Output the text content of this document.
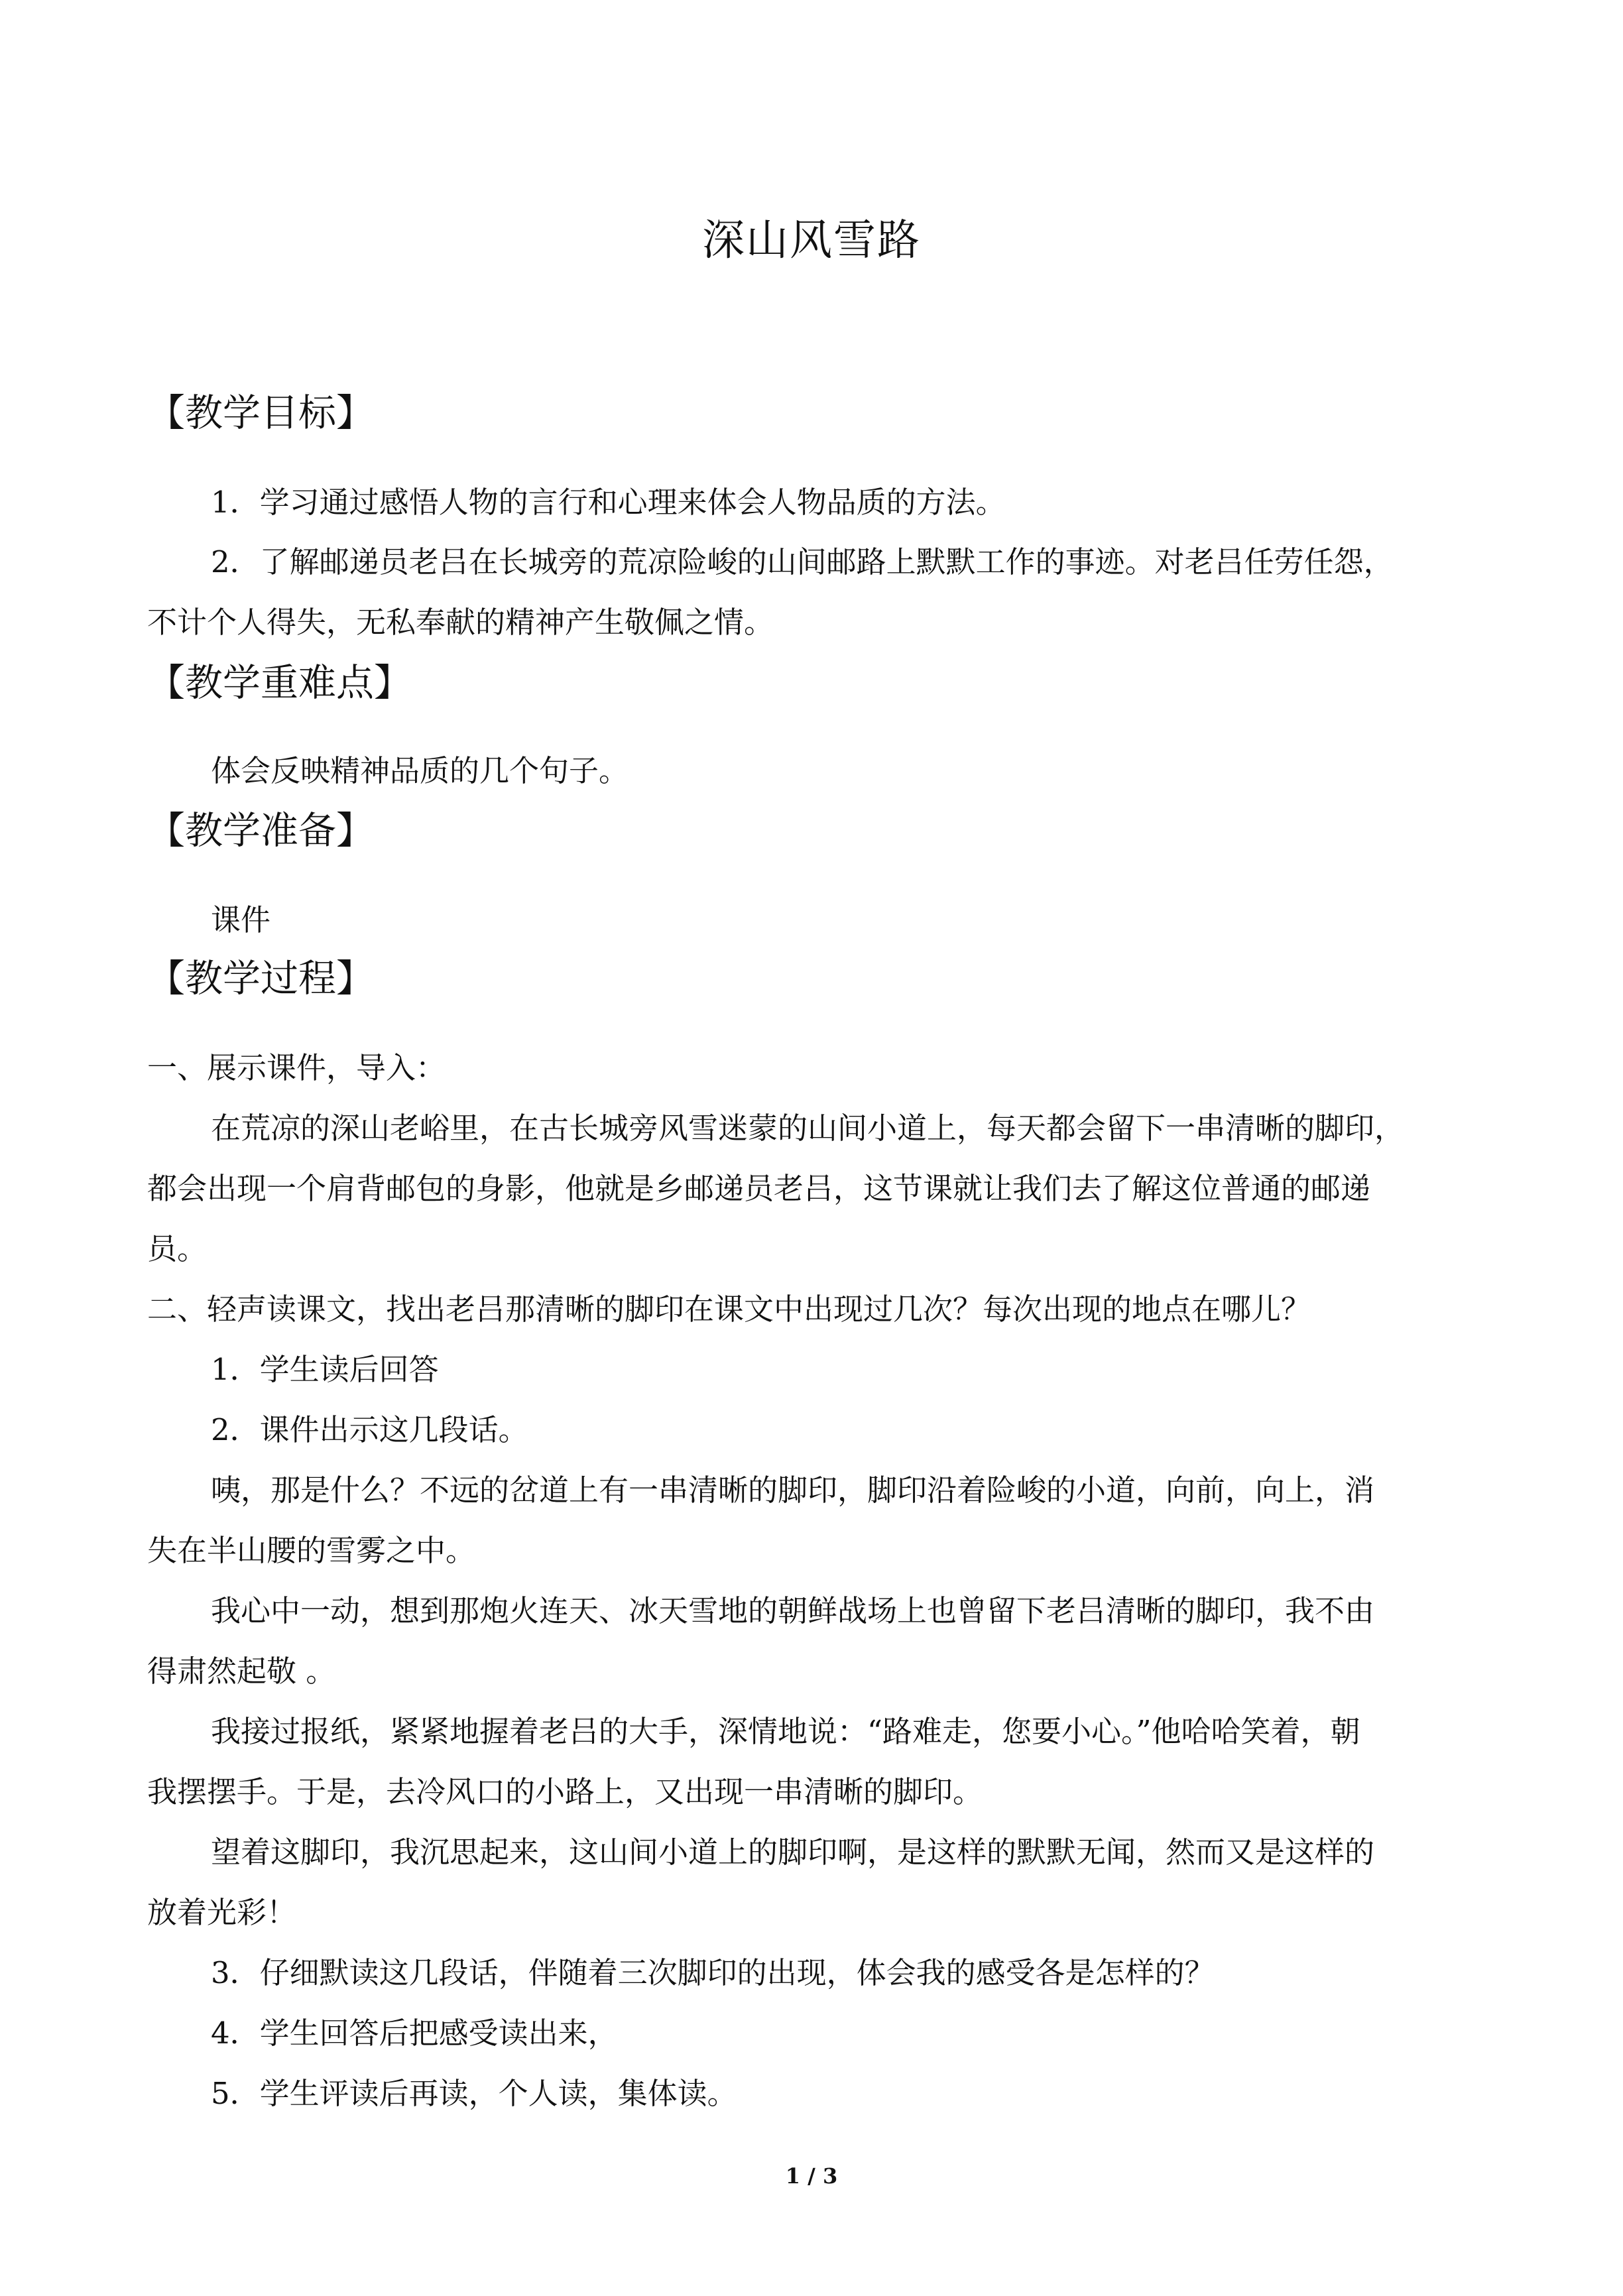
深山风雪路
【教学目标】

1．学习通过感悟人物的言行和心理来体会人物品质的方法。

2．了解邮递员老吕在长城旁的荒凉险峻的山间邮路上默默工作的事迹。对老吕任劳任怨，
不计个人得失，无私奉献的精神产生敬佩之情。

【教学重难点】

体会反映精神品质的几个句子。

【教学准备】

课件

【教学过程】

一、展示课件，导入：

在荒凉的深山老峪里，在古长城旁风雪迷蒙的山间小道上，每天都会留下一串清晰的脚印，
都会出现一个肩背邮包的身影，他就是乡邮递员老吕，这节课就让我们去了解这位普通的邮递
员。

二、轻声读课文，找出老吕那清晰的脚印在课文中出现过几次？每次出现的地点在哪儿？

1．学生读后回答

2．课件出示这几段话。

咦，那是什么？不远的岔道上有一串清晰的脚印，脚印沿着险峻的小道，向前，向上，消
失在半山腰的雪雾之中。

我心中一动，想到那炮火连天、冰天雪地的朝鲜战场上也曾留下老吕清晰的脚印，我不由
得肃然起敬 。

我接过报纸，紧紧地握着老吕的大手，深情地说：“路难走，您要小心。”他哈哈笑着，朝
我摆摆手。于是，去冷风口的小路上，又出现一串清晰的脚印。

望着这脚印，我沉思起来，这山间小道上的脚印啊，是这样的默默无闻，然而又是这样的
放着光彩！

3．仔细默读这几段话，伴随着三次脚印的出现，体会我的感受各是怎样的？

4．学生回答后把感受读出来，

5．学生评读后再读，个人读，集体读。

1 / 3
